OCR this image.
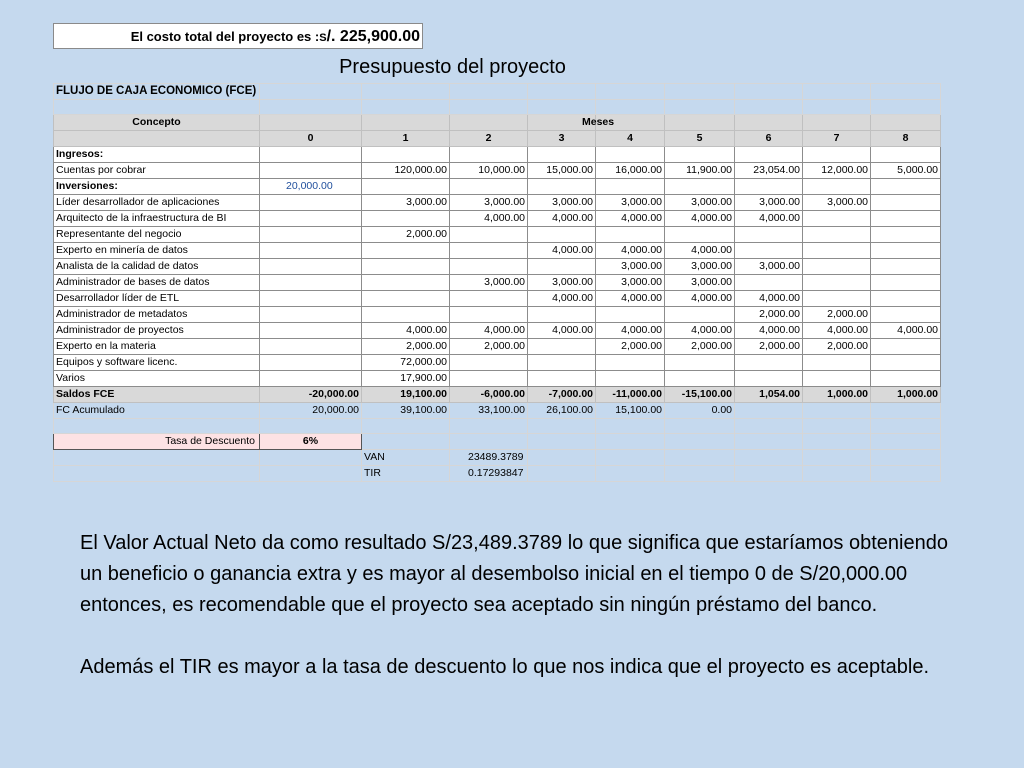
El costo total del proyecto es :S/. 225,900.00
Presupuesto del proyecto
FLUJO DE CAJA ECONOMICO (FCE)									

Concepto					Meses				
	0	1	2	3	4	5	6	7	8
Ingresos:									
Cuentas por cobrar		120,000.00	10,000.00	15,000.00	16,000.00	11,900.00	23,054.00	12,000.00	5,000.00
Inversiones:	20,000.00								
Líder desarrollador de aplicaciones		3,000.00	3,000.00	3,000.00	3,000.00	3,000.00	3,000.00	3,000.00	
Arquitecto de la infraestructura de BI			4,000.00	4,000.00	4,000.00	4,000.00	4,000.00		
Representante del negocio		2,000.00							
Experto en minería de datos				4,000.00	4,000.00	4,000.00			
Analista de la calidad de datos					3,000.00	3,000.00	3,000.00		
Administrador de bases de datos			3,000.00	3,000.00	3,000.00	3,000.00			
Desarrollador líder de ETL				4,000.00	4,000.00	4,000.00	4,000.00		
Administrador de metadatos							2,000.00	2,000.00	
Administrador de proyectos		4,000.00	4,000.00	4,000.00	4,000.00	4,000.00	4,000.00	4,000.00	4,000.00
Experto en la materia		2,000.00	2,000.00		2,000.00	2,000.00	2,000.00	2,000.00	
Equipos y software licenc.		72,000.00							
Varios		17,900.00							
Saldos FCE	-20,000.00	19,100.00	-6,000.00	-7,000.00	-11,000.00	-15,100.00	1,054.00	1,000.00	1,000.00
FC Acumulado	20,000.00	39,100.00	33,100.00	26,100.00	15,100.00	0.00			

Tasa de Descuento	6%								
		VAN	23489.3789						
		TIR	0.17293847						

El Valor Actual Neto da como resultado S/23,489.3789 lo que significa que estaríamos obteniendo un beneficio o ganancia extra y es mayor al desembolso inicial en el tiempo 0 de S/20,000.00 entonces, es recomendable que el proyecto sea aceptado sin ningún préstamo del banco.

Además el TIR es mayor a la tasa de descuento lo que nos indica que el proyecto es aceptable.
